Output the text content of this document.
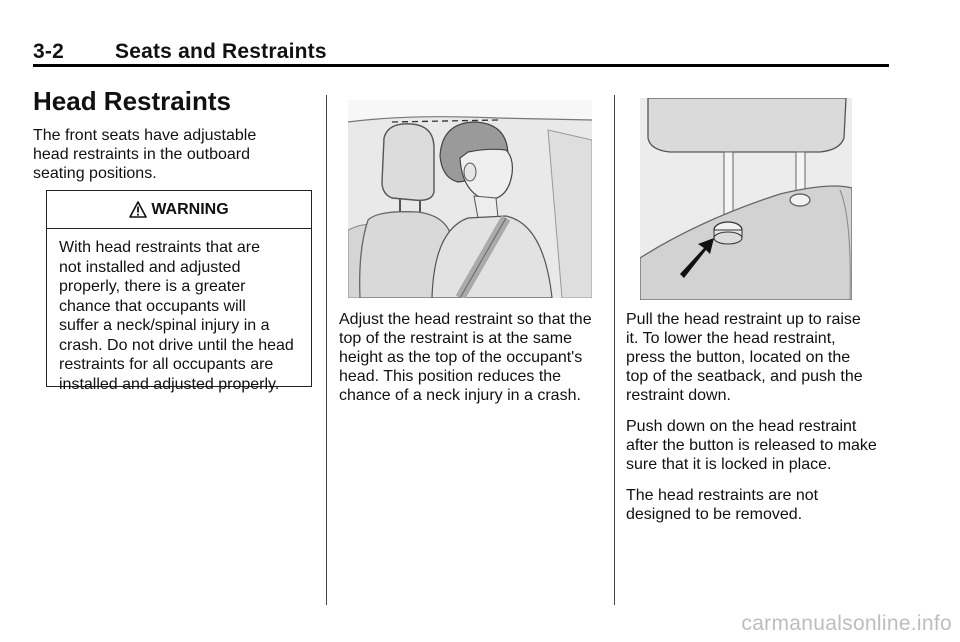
3-2 Seats and Restraints
Head Restraints

The front seats have adjustable
head restraints in the outboard
seating positions.

WARNING

With head restraints that are
not installed and adjusted
properly, there is a greater
chance that occupants will
suffer a neck/spinal injury in a
crash. Do not drive until the head
restraints for all occupants are
installed and adjusted properly.

Adjust the head restraint so that the
top of the restraint is at the same
height as the top of the occupant's
head. This position reduces the
chance of a neck injury in a crash.

Pull the head restraint up to raise
it. To lower the head restraint,
press the button, located on the
top of the seatback, and push the
restraint down.

Push down on the head restraint
after the button is released to make
sure that it is locked in place.

The head restraints are not
designed to be removed.

carmanualsonline.info
